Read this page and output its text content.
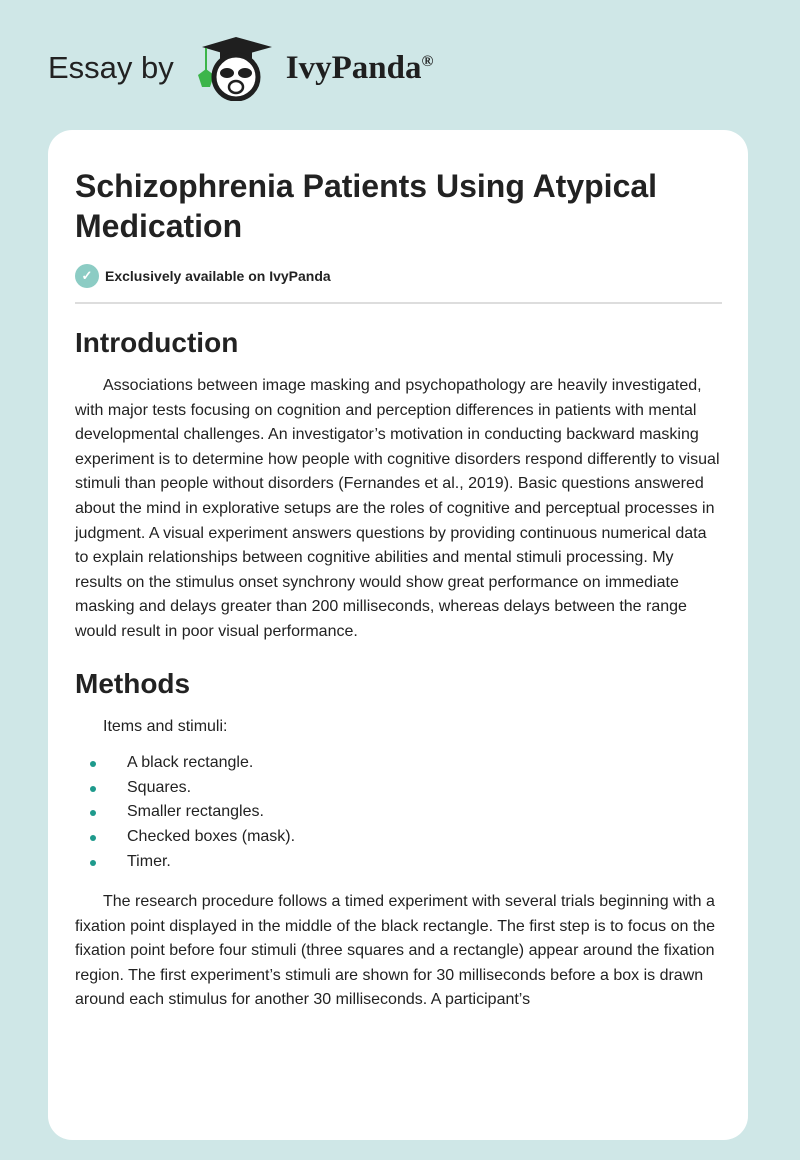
Essay by	IvyPanda®
Schizophrenia Patients Using Atypical Medication
✓ Exclusively available on IvyPanda
Introduction

Associations between image masking and psychopathology are heavily investigated, with major tests focusing on cognition and perception differences in patients with mental developmental challenges. An investigator’s motivation in conducting backward masking experiment is to determine how people with cognitive disorders respond differently to visual stimuli than people without disorders (Fernandes et al., 2019). Basic questions answered about the mind in explorative setups are the roles of cognitive and perceptual processes in judgment. A visual experiment answers questions by providing continuous numerical data to explain relationships between cognitive abilities and mental stimuli processing. My results on the stimulus onset synchrony would show great performance on immediate masking and delays greater than 200 milliseconds, whereas delays between the range would result in poor visual performance.

Methods

Items and stimuli:

A black rectangle.
Squares.
Smaller rectangles.
Checked boxes (mask).
Timer.

The research procedure follows a timed experiment with several trials beginning with a fixation point displayed in the middle of the black rectangle. The first step is to focus on the fixation point before four stimuli (three squares and a rectangle) appear around the fixation region. The first experiment’s stimuli are shown for 30 milliseconds before a box is drawn around each stimulus for another 30 milliseconds. A participant’s
